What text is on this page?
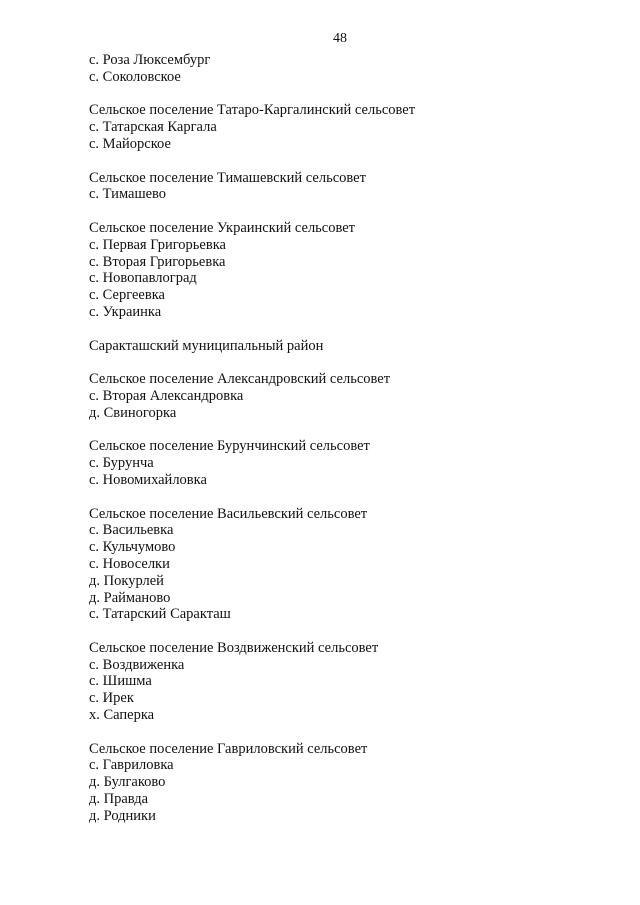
48
с. Роза Люксембург
с. Соколовское
Сельское поселение Татаро-Каргалинский сельсовет
с. Татарская Каргала
с. Майорское
Сельское поселение Тимашевский сельсовет
с. Тимашево
Сельское поселение Украинский сельсовет
с. Первая Григорьевка
с. Вторая Григорьевка
с. Новопавлоград
с. Сергеевка
с. Украинка
Саракташский муниципальный район
Сельское поселение Александровский сельсовет
с. Вторая Александровка
д. Свиногорка
Сельское поселение Бурунчинский сельсовет
с. Бурунча
с. Новомихайловка
Сельское поселение Васильевский сельсовет
с. Васильевка
с. Кульчумово
с. Новоселки
д. Покурлей
д. Райманово
с. Татарский Саракташ
Сельское поселение Воздвиженский сельсовет
с. Воздвиженка
с. Шишма
с. Ирек
х. Саперка
Сельское поселение Гавриловский сельсовет
с. Гавриловка
д. Булгаково
д. Правда
д. Родники
